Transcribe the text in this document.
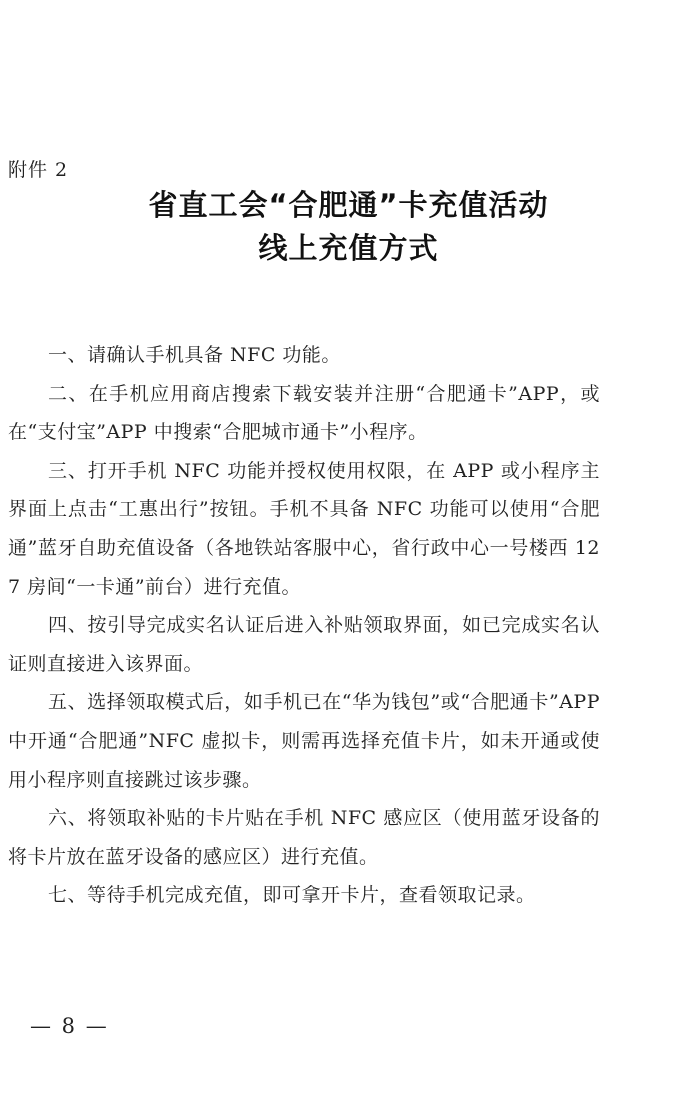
附件 2
省直工会“合肥通”卡充值活动
线上充值方式

一、请确认手机具备 NFC 功能。

二、在手机应用商店搜索下载安装并注册“合肥通卡”APP，或在“支付宝”APP 中搜索“合肥城市通卡”小程序。

三、打开手机 NFC 功能并授权使用权限，在 APP 或小程序主界面上点击“工惠出行”按钮。手机不具备 NFC 功能可以使用“合肥通”蓝牙自助充值设备（各地铁站客服中心，省行政中心一号楼西 127 房间“一卡通”前台）进行充值。

四、按引导完成实名认证后进入补贴领取界面，如已完成实名认证则直接进入该界面。

五、选择领取模式后，如手机已在“华为钱包”或“合肥通卡”APP 中开通“合肥通”NFC 虚拟卡，则需再选择充值卡片，如未开通或使用小程序则直接跳过该步骤。

六、将领取补贴的卡片贴在手机 NFC 感应区（使用蓝牙设备的将卡片放在蓝牙设备的感应区）进行充值。

七、等待手机完成充值，即可拿开卡片，查看领取记录。

— 8 —
